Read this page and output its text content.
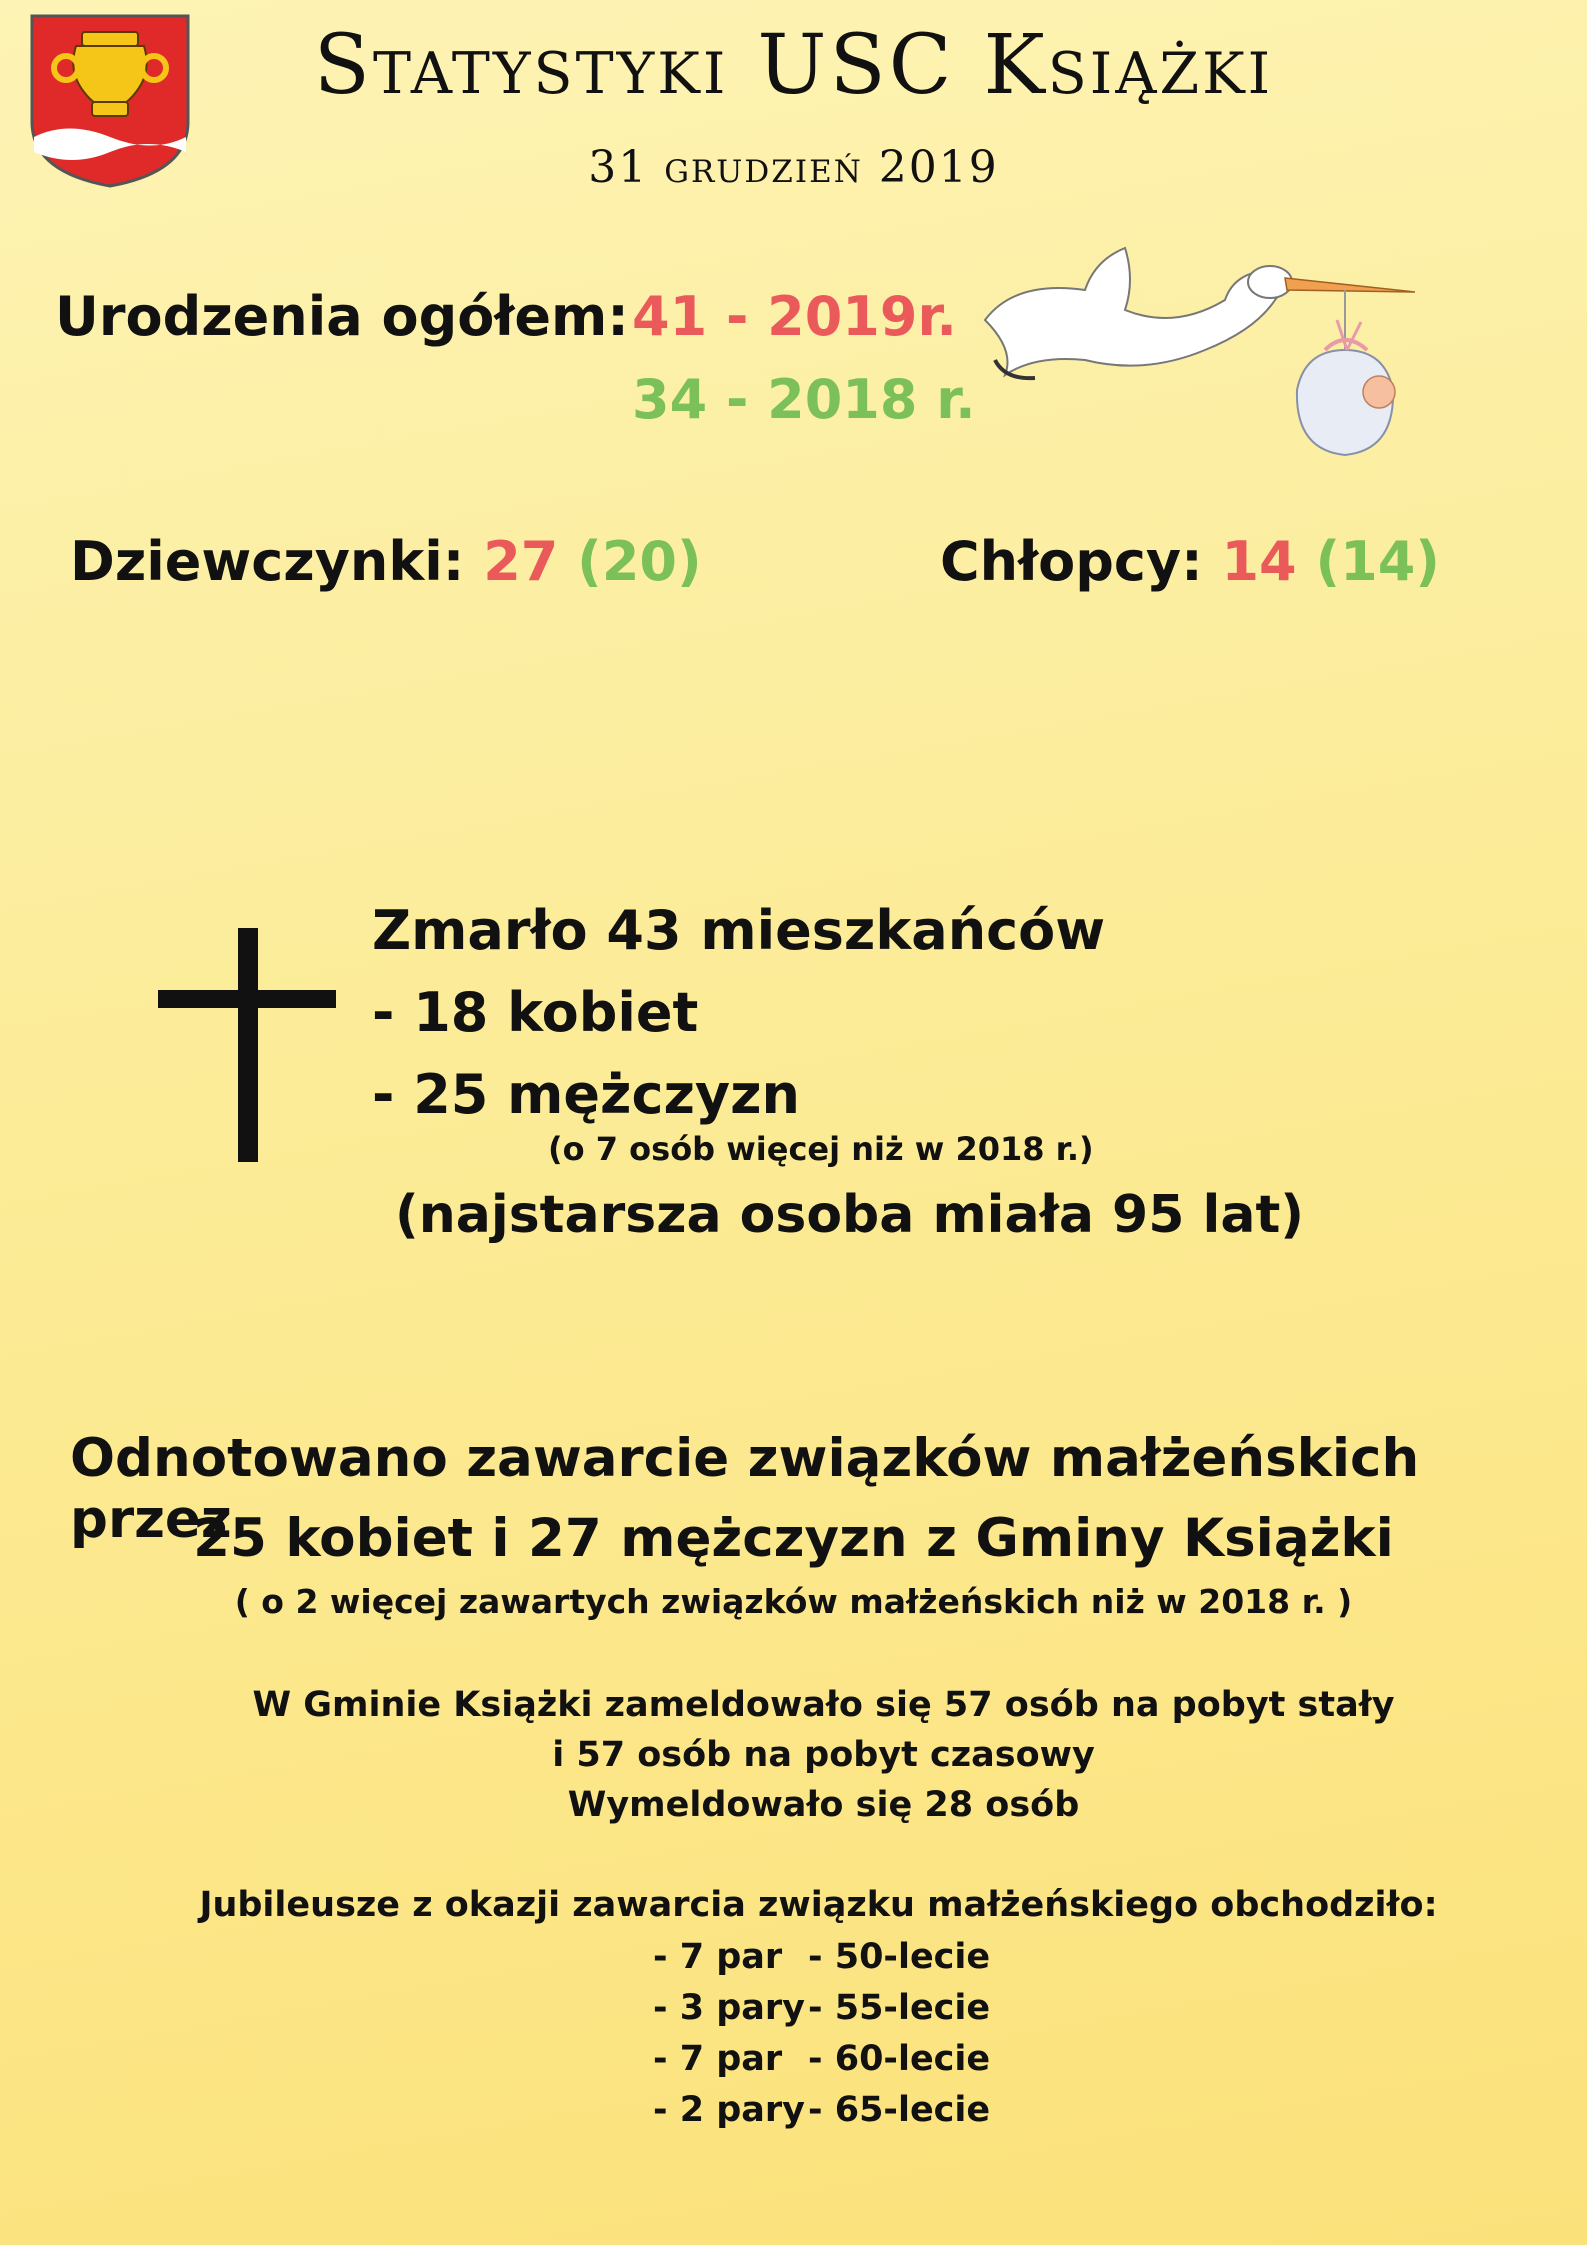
Statystyki USC Książki
31 grudzień 2019
Urodzenia ogółem: 41 - 2019r.
34 - 2018 r.
Dziewczynki: 27 (20)	Chłopcy: 14 (14)
Zmarło 43 mieszkańców
- 18 kobiet
- 25 mężczyzn
(o 7 osób więcej niż w 2018 r.)
(najstarsza osoba miała 95 lat)
Odnotowano zawarcie związków małżeńskich przez
25 kobiet i 27 mężczyzn z Gminy Książki
( o 2 więcej zawartych związków małżeńskich niż w 2018 r. )
W Gminie Książki zameldowało się 57 osób na pobyt stały
i 57 osób na pobyt czasowy
Wymeldowało się 28 osób
Jubileusze z okazji zawarcia związku małżeńskiego obchodziło:
- 7 par - 50-lecie
- 3 pary - 55-lecie
- 7 par - 60-lecie
- 2 pary - 65-lecie
